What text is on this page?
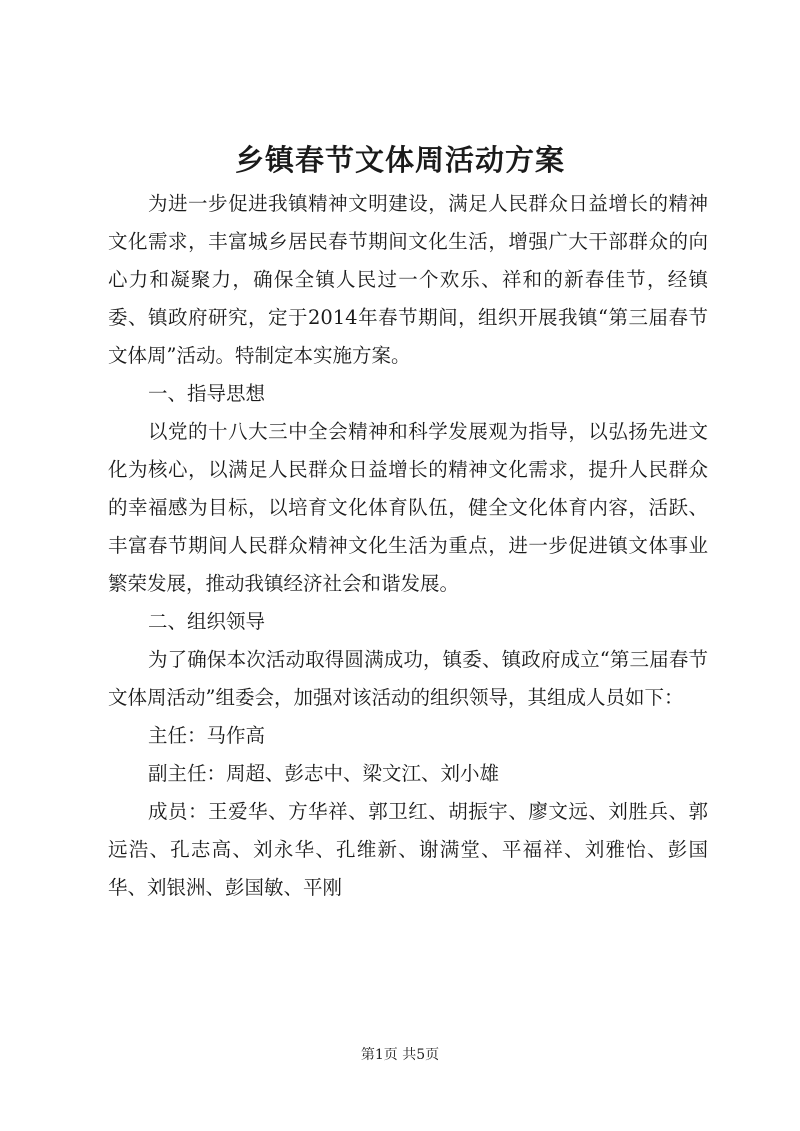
乡镇春节文体周活动方案

为进一步促进我镇精神文明建设，满足人民群众日益增长的精神文化需求，丰富城乡居民春节期间文化生活，增强广大干部群众的向心力和凝聚力，确保全镇人民过一个欢乐、祥和的新春佳节，经镇委、镇政府研究，定于2014年春节期间，组织开展我镇“第三届春节文体周”活动。特制定本实施方案。

一、指导思想

以党的十八大三中全会精神和科学发展观为指导，以弘扬先进文化为核心，以满足人民群众日益增长的精神文化需求，提升人民群众的幸福感为目标，以培育文化体育队伍，健全文化体育内容，活跃、丰富春节期间人民群众精神文化生活为重点，进一步促进镇文体事业繁荣发展，推动我镇经济社会和谐发展。

二、组织领导

为了确保本次活动取得圆满成功，镇委、镇政府成立“第三届春节文体周活动”组委会，加强对该活动的组织领导，其组成人员如下：

主任：马作高

副主任：周超、彭志中、梁文江、刘小雄

成员：王爱华、方华祥、郭卫红、胡振宇、廖文远、刘胜兵、郭远浩、孔志高、刘永华、孔维新、谢满堂、平福祥、刘雅怡、彭国华、刘银洲、彭国敏、平刚

第1页 共5页
